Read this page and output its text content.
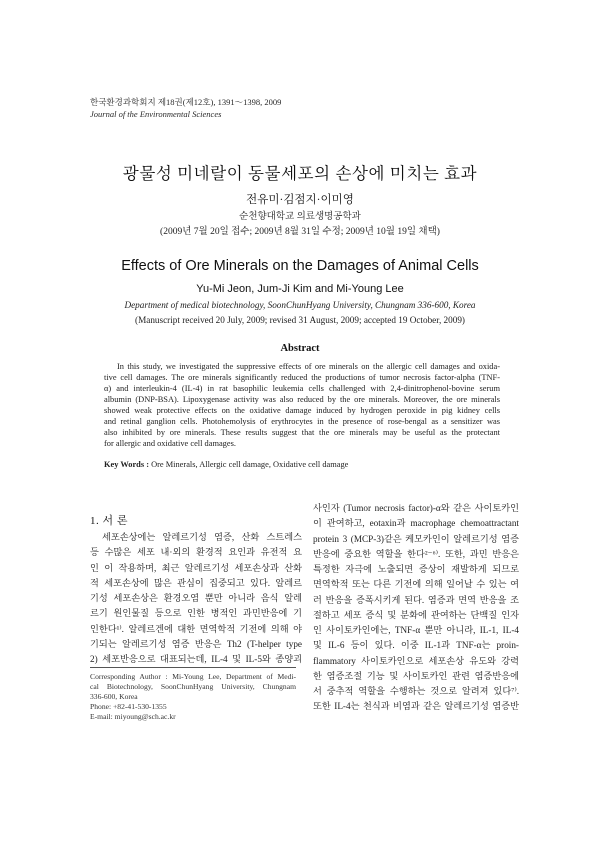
한국환경과학회지 제18권(제12호), 1391～1398, 2009
Journal of the Environmental Sciences
광물성 미네랄이 동물세포의 손상에 미치는 효과
전유미·김점지·이미영
순천향대학교 의료생명공학과
(2009년 7월 20일 접수; 2009년 8월 31일 수정; 2009년 10월 19일 채택)
Effects of Ore Minerals on the Damages of Animal Cells
Yu-Mi Jeon, Jum-Ji Kim and Mi-Young Lee
Department of medical biotechnology, SoonChunHyang University, Chungnam 336-600, Korea
(Manuscript received 20 July, 2009; revised 31 August, 2009; accepted 19 October, 2009)
Abstract
In this study, we investigated the suppressive effects of ore minerals on the allergic cell damages and oxida-
tive cell damages. The ore minerals significantly reduced the productions of tumor necrosis factor-alpha (TNF-
α) and interleukin-4 (IL-4) in rat basophilic leukemia cells challenged with 2,4-dinitrophenol-bovine serum
albumin (DNP-BSA). Lipoxygenase activity was also reduced by the ore minerals. Moreover, the ore minerals
showed weak protective effects on the oxidative damage induced by hydrogen peroxide in pig kidney cells
and retinal ganglion cells. Photohemolysis of erythrocytes in the presence of rose-bengal as a sensitizer was
also inhibited by ore minerals. These results suggest that the ore minerals may be useful as the protectant
for allergic and oxidative cell damages.
Key Words : Ore Minerals, Allergic cell damage, Oxidative cell damage
1. 서 론
세포손상에는 알레르기성 염증, 산화 스트레스
등 수많은 세포 내·외의 환경적 요인과 유전적 요
인 이 작용하며, 최근 알레르기성 세포손상과 산화
적 세포손상에 많은 관심이 집중되고 있다. 알레르
기성 세포손상은 환경오염 뿐만 아니라 음식 알레
르기 원인물질 등으로 인한 병적인 과민반응에 기
인한다¹⁾. 알레르겐에 대한 면역학적 기전에 의해 야
기되는 알레르기성 염증 반응은 Th2 (T-helper type
2) 세포반응으로 대표되는데, IL-4 및 IL-5와 종양괴
Corresponding Author : Mi-Young Lee, Department of Medi-
cal Biotechnology, SoonChunHyang University, Chungnam
336-600, Korea
Phone: +82-41-530-1355
E-mail: miyoung@sch.ac.kr
사인자 (Tumor necrosis factor)-α와 같은 사이토카인
이 관여하고, eotaxin과 macrophage chemoattractant
protein 3 (MCP-3)같은 케모카인이 알레르기성 염증
반응에 중요한 역할을 한다²⁻⁶⁾. 또한, 과민 반응은
특정한 자극에 노출되면 증상이 재발하게 되므로
면역학적 또는 다른 기전에 의해 일어날 수 있는 여
러 반응을 증폭시키게 된다. 염증과 면역 반응을 조
절하고 세포 증식 및 분화에 관여하는 단백질 인자
인 사이토카인에는, TNF-α 뿐만 아니라, IL-1, IL-4
및 IL-6 등이 있다. 이중 IL-1과 TNF-α는 proin-
flammatory 사이토카인으로 세포손상 유도와 강력
한 염증조절 기능 및 사이토카인 관련 염증반응에
서 중추적 역할을 수행하는 것으로 알려져 있다⁷⁾.
또한 IL-4는 천식과 비염과 같은 알레르기성 염증반
